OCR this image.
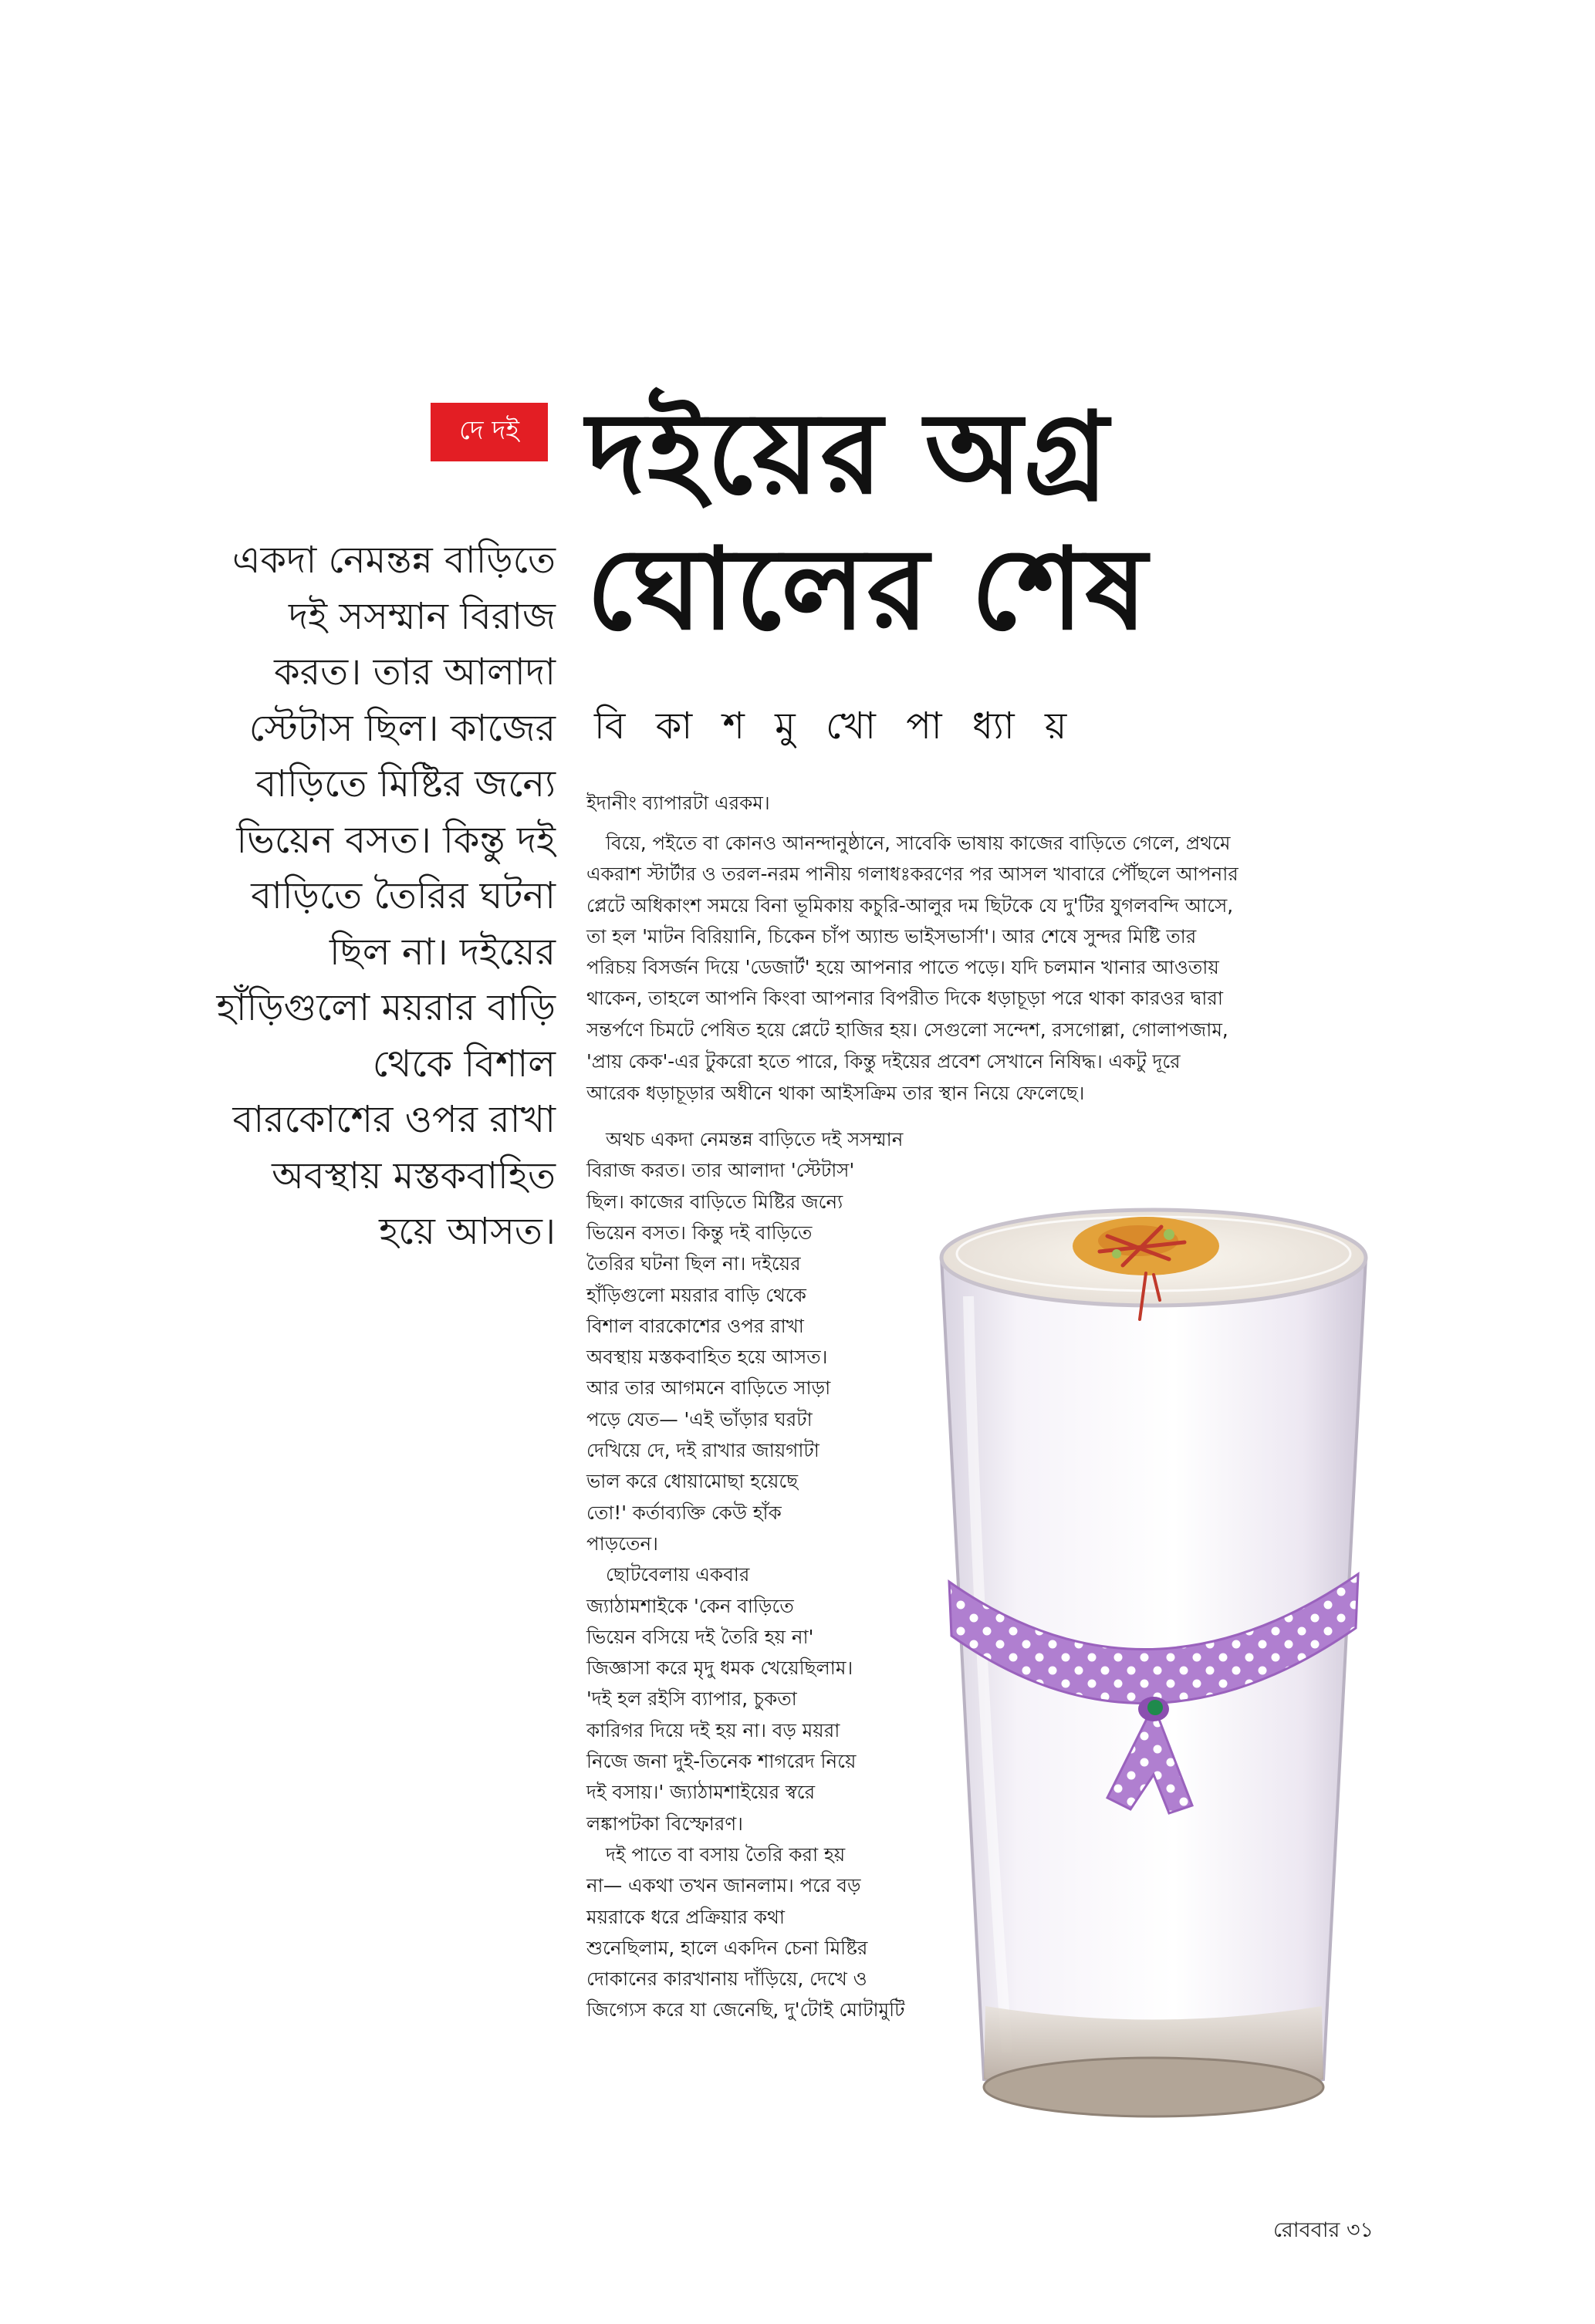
দে দই দইয়ের অগ্র
ঘোলের শেষ

বি কা শ মু খো পা ধ্যা য়

একদা নেমন্তন্ন বাড়িতে
দই সসম্মান বিরাজ
করত। তার আলাদা
স্টেটাস ছিল। কাজের
বাড়িতে মিষ্টির জন্যে
ভিয়েন বসত। কিন্তু দই
বাড়িতে তৈরির ঘটনা
ছিল না। দইয়ের
হাঁড়িগুলো ময়রার বাড়ি
থেকে বিশাল
বারকোশের ওপর রাখা
অবস্থায় মস্তকবাহিত
হয়ে আসত।

ইদানীং ব্যাপারটা এরকম।

বিয়ে, পইতে বা কোনও আনন্দানুষ্ঠানে, সাবেকি ভাষায় কাজের বাড়িতে গেলে, প্রথমে

একরাশ স্টার্টার ও তরল-নরম পানীয় গলাধঃকরণের পর আসল খাবারে পৌঁছলে আপনার

প্লেটে অধিকাংশ সময়ে বিনা ভূমিকায় কচুরি-আলুর দম ছিটকে যে দু'টির যুগলবন্দি আসে,

তা হল 'মাটন বিরিয়ানি, চিকেন চাঁপ অ্যান্ড ভাইসভার্সা'। আর শেষে সুন্দর মিষ্টি তার

পরিচয় বিসর্জন দিয়ে 'ডেজার্ট' হয়ে আপনার পাতে পড়ে। যদি চলমান খানার আওতায়

থাকেন, তাহলে আপনি কিংবা আপনার বিপরীত দিকে ধড়াচূড়া পরে থাকা কারওর দ্বারা

সন্তর্পণে চিমটে পেষিত হয়ে প্লেটে হাজির হয়। সেগুলো সন্দেশ, রসগোল্লা, গোলাপজাম,

'প্রায় কেক'-এর টুকরো হতে পারে, কিন্তু দইয়ের প্রবেশ সেখানে নিষিদ্ধ। একটু দূরে

আরেক ধড়াচূড়ার অধীনে থাকা আইসক্রিম তার স্থান নিয়ে ফেলেছে।

অথচ একদা নেমন্তন্ন বাড়িতে দই সসম্মান

বিরাজ করত। তার আলাদা 'স্টেটাস'

ছিল। কাজের বাড়িতে মিষ্টির জন্যে

ভিয়েন বসত। কিন্তু দই বাড়িতে

তৈরির ঘটনা ছিল না। দইয়ের

হাঁড়িগুলো ময়রার বাড়ি থেকে

বিশাল বারকোশের ওপর রাখা

অবস্থায় মস্তকবাহিত হয়ে আসত।

আর তার আগমনে বাড়িতে সাড়া

পড়ে যেত— 'এই ভাঁড়ার ঘরটা

দেখিয়ে দে, দই রাখার জায়গাটা

ভাল করে ধোয়ামোছা হয়েছে

তো!' কর্তাব্যক্তি কেউ হাঁক

পাড়তেন।

ছোটবেলায় একবার

জ্যাঠামশাইকে 'কেন বাড়িতে

ভিয়েন বসিয়ে দই তৈরি হয় না'

জিজ্ঞাসা করে মৃদু ধমক খেয়েছিলাম।

'দই হল রইসি ব্যাপার, চুকতা

কারিগর দিয়ে দই হয় না। বড় ময়রা

নিজে জনা দুই-তিনেক শাগরেদ নিয়ে

দই বসায়।' জ্যাঠামশাইয়ের স্বরে

লঙ্কাপটকা বিস্ফোরণ।

দই পাতে বা বসায় তৈরি করা হয়

না— একথা তখন জানলাম। পরে বড়

ময়রাকে ধরে প্রক্রিয়ার কথা

শুনেছিলাম, হালে একদিন চেনা মিষ্টির

দোকানের কারখানায় দাঁড়িয়ে, দেখে ও

জিগ্যেস করে যা জেনেছি, দু'টোই মোটামুটি

রোববার ৩১
